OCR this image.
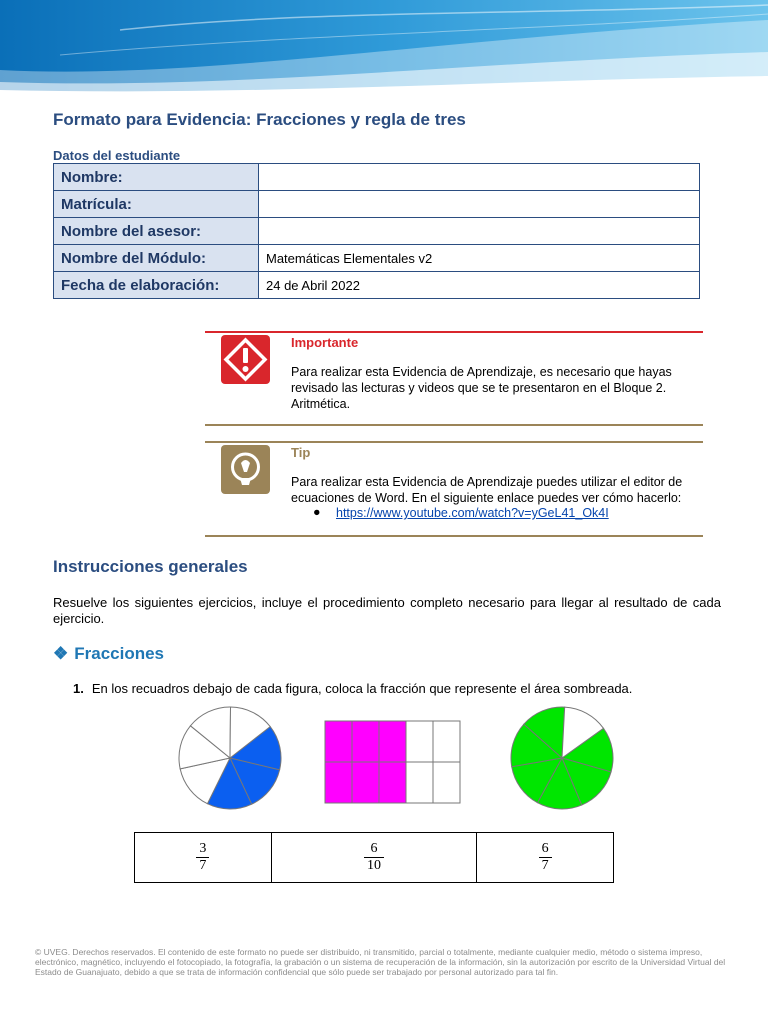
Formato para Evidencia: Fracciones y regla de tres
Datos del estudiante
Nombre:	
Matrícula:	
Nombre del asesor:	
Nombre del Módulo:	Matemáticas Elementales v2
Fecha de elaboración:	24 de Abril 2022
Importante
Para realizar esta Evidencia de Aprendizaje, es necesario que hayas revisado las lecturas y videos que se te presentaron en el Bloque 2. Aritmética.
Tip
Para realizar esta Evidencia de Aprendizaje puedes utilizar el editor de ecuaciones de Word. En el siguiente enlace puedes ver cómo hacerlo:
● https://www.youtube.com/watch?v=yGeL41_Ok4I
Instrucciones generales
Resuelve los siguientes ejercicios, incluye el procedimiento completo necesario para llegar al resultado de cada ejercicio.
❖ Fracciones
1. En los recuadros debajo de cada figura, coloca la fracción que represente el área sombreada.
$\frac{3}{7}$	$\frac{6}{10}$	$\frac{6}{7}$
© UVEG. Derechos reservados. El contenido de este formato no puede ser distribuido, ni transmitido, parcial o totalmente, mediante cualquier medio, método o sistema impreso, electrónico, magnético, incluyendo el fotocopiado, la fotografía, la grabación o un sistema de recuperación de la información, sin la autorización por escrito de la Universidad Virtual del Estado de Guanajuato, debido a que se trata de información confidencial que sólo puede ser trabajado por personal autorizado para tal fin.
